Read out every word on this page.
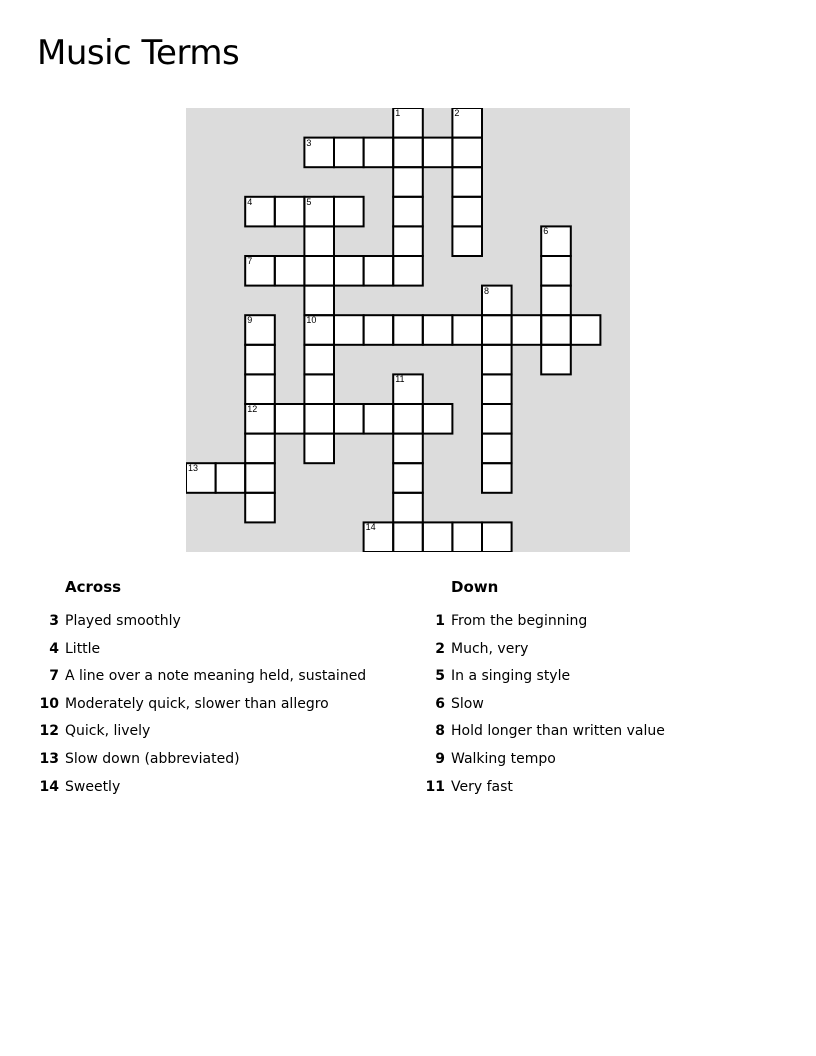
Music Terms
1	2
3
4	5
10
6
7
8
9
12
11
13
14
Across
3 Played smoothly
4 Little
7 A line over a note meaning held, sustained
10 Moderately quick, slower than allegro
12 Quick, lively
13 Slow down (abbreviated)
14 Sweetly
Down
1 From the beginning
2 Much, very
5 In a singing style
6 Slow
8 Hold longer than written value
9 Walking tempo
11 Very fast
